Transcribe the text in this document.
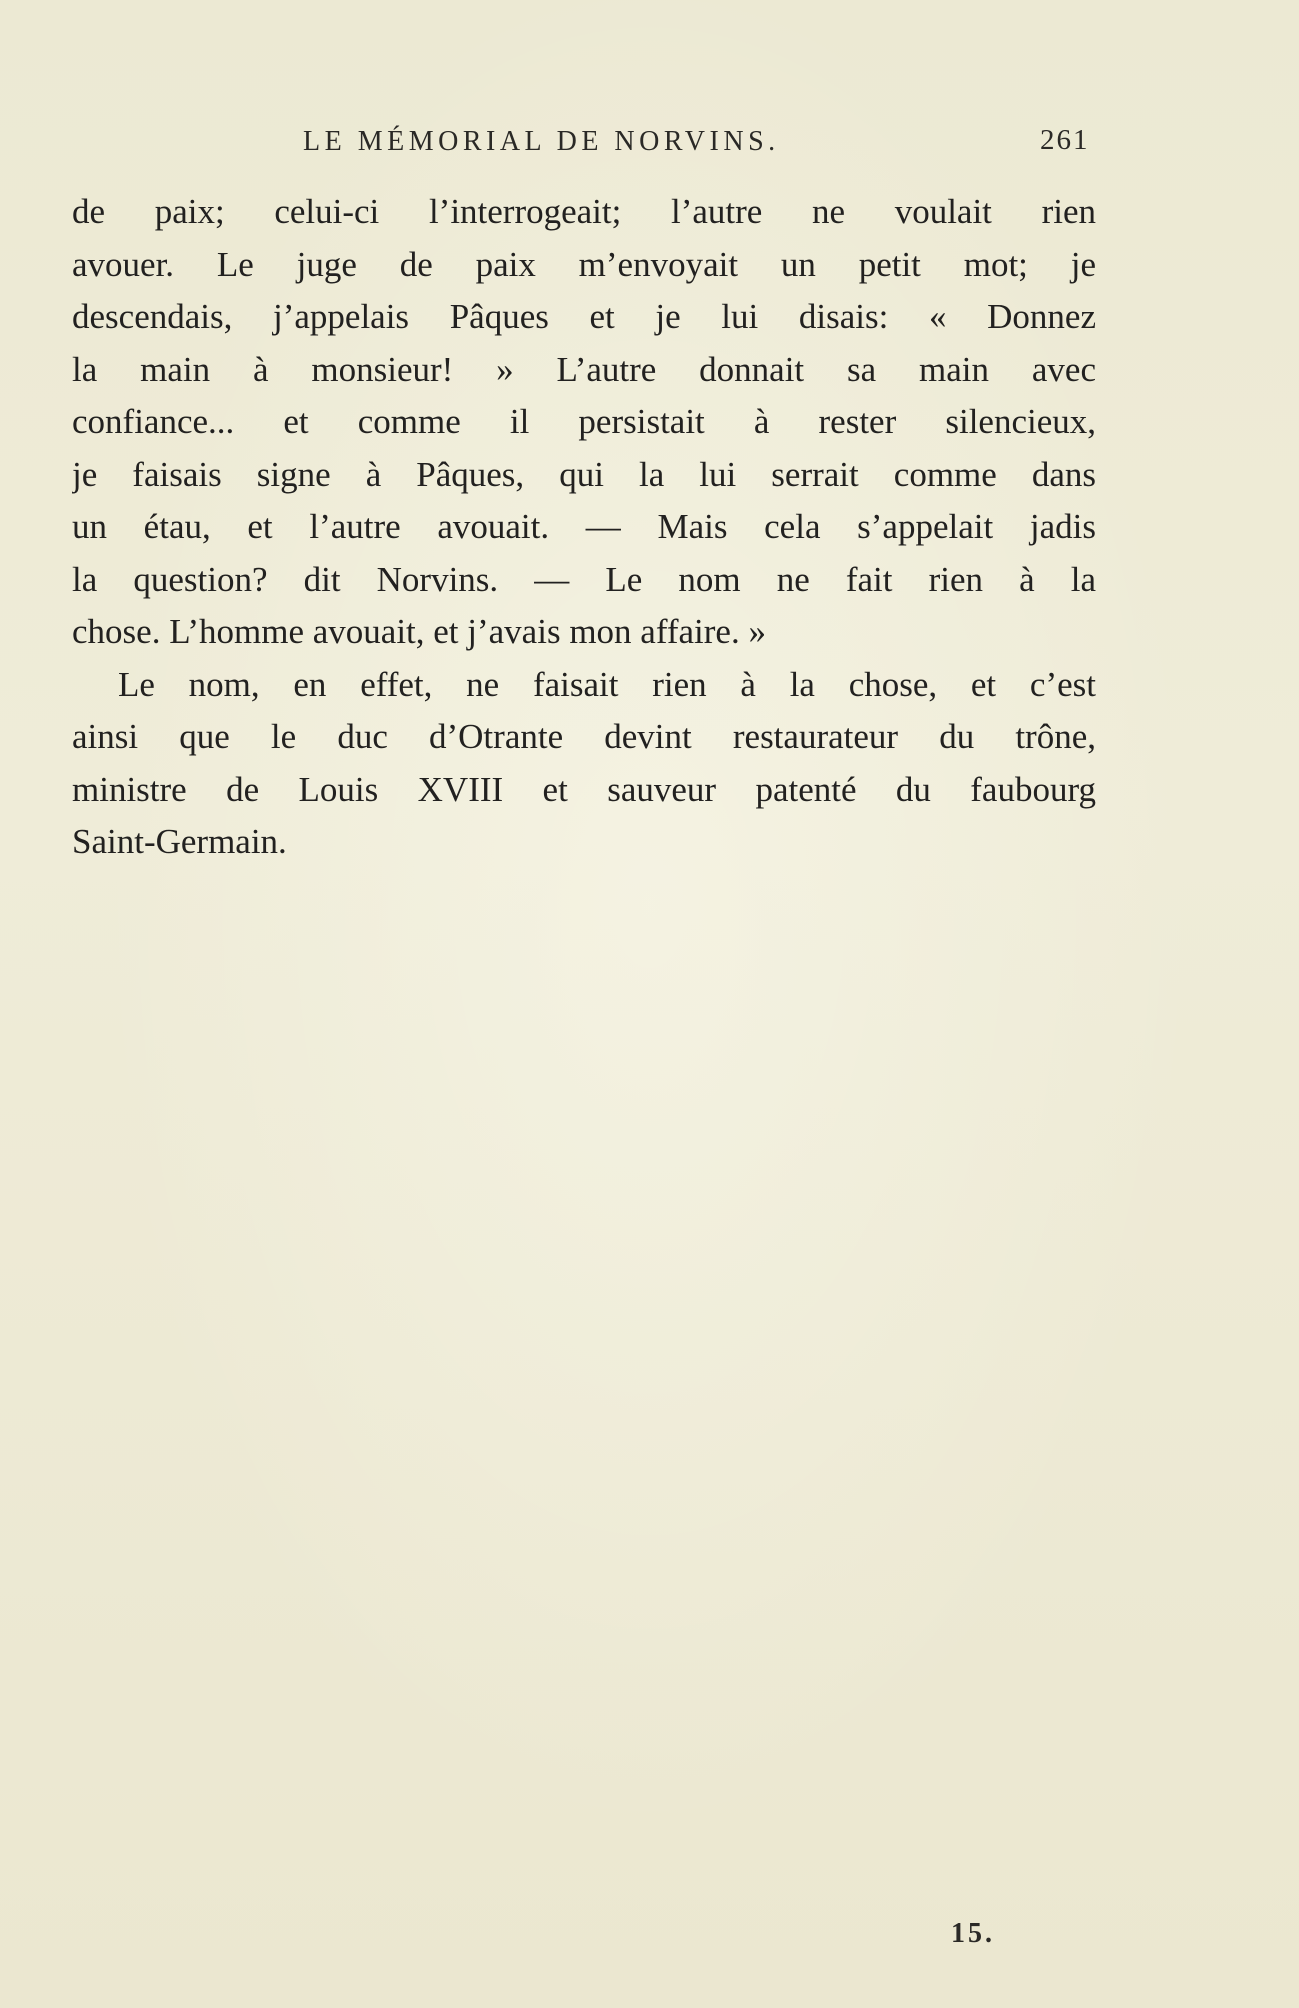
LE MÉMORIAL DE NORVINS.	261
de paix; celui-ci l’interrogeait; l’autre ne voulait rien
avouer. Le juge de paix m’envoyait un petit mot; je
descendais, j’appelais Pâques et je lui disais: « Donnez
la main à monsieur! » L’autre donnait sa main avec
confiance... et comme il persistait à rester silencieux,
je faisais signe à Pâques, qui la lui serrait comme dans
un étau, et l’autre avouait. — Mais cela s’appelait jadis
la question? dit Norvins. — Le nom ne fait rien à la
chose. L’homme avouait, et j’avais mon affaire. »
Le nom, en effet, ne faisait rien à la chose, et c’est
ainsi que le duc d’Otrante devint restaurateur du trône,
ministre de Louis XVIII et sauveur patenté du faubourg
Saint-Germain.
15.
